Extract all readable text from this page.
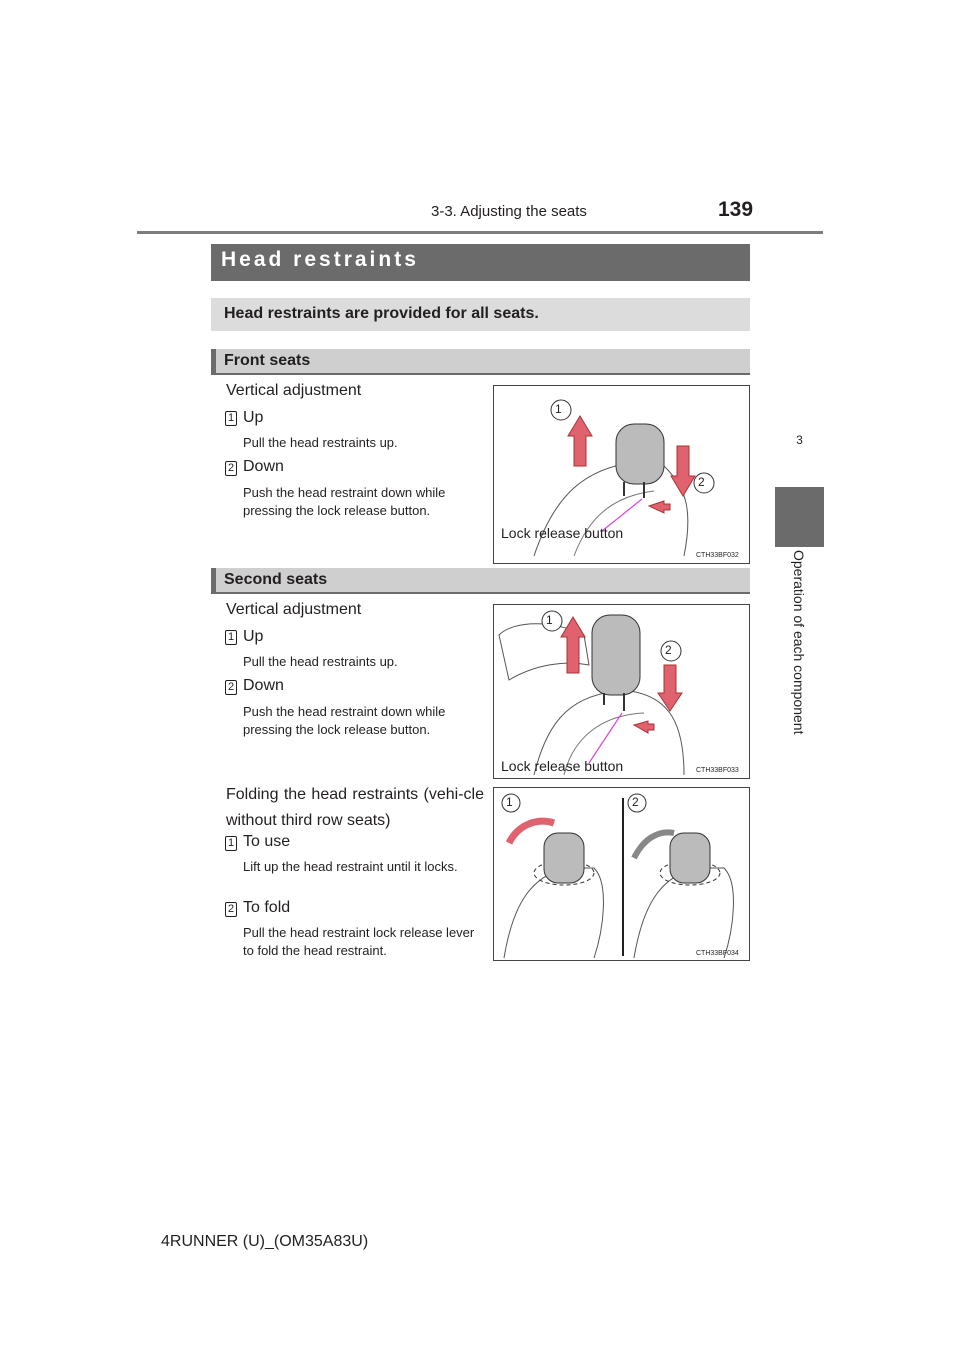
3-3. Adjusting the seats	139
3
Operation of each component
Head restraints
Head restraints are provided for all seats.
Front seats
Vertical adjustment
1 Up
Pull the head restraints up.
2 Down
Push the head restraint down while pressing the lock release button.
1
2
Lock release button
CTH33BF032
Second seats
Vertical adjustment
1 Up
Pull the head restraints up.
2 Down
Push the head restraint down while pressing the lock release button.
1
2
Lock release button	CTH33BF033
Folding the head restraints (vehi-cle without third row seats)
1 To use
Lift up the head restraint until it locks.
2 To fold
Pull the head restraint lock release lever to fold the head restraint.
1	2
CTH33BF034
4RUNNER (U)_(OM35A83U)
